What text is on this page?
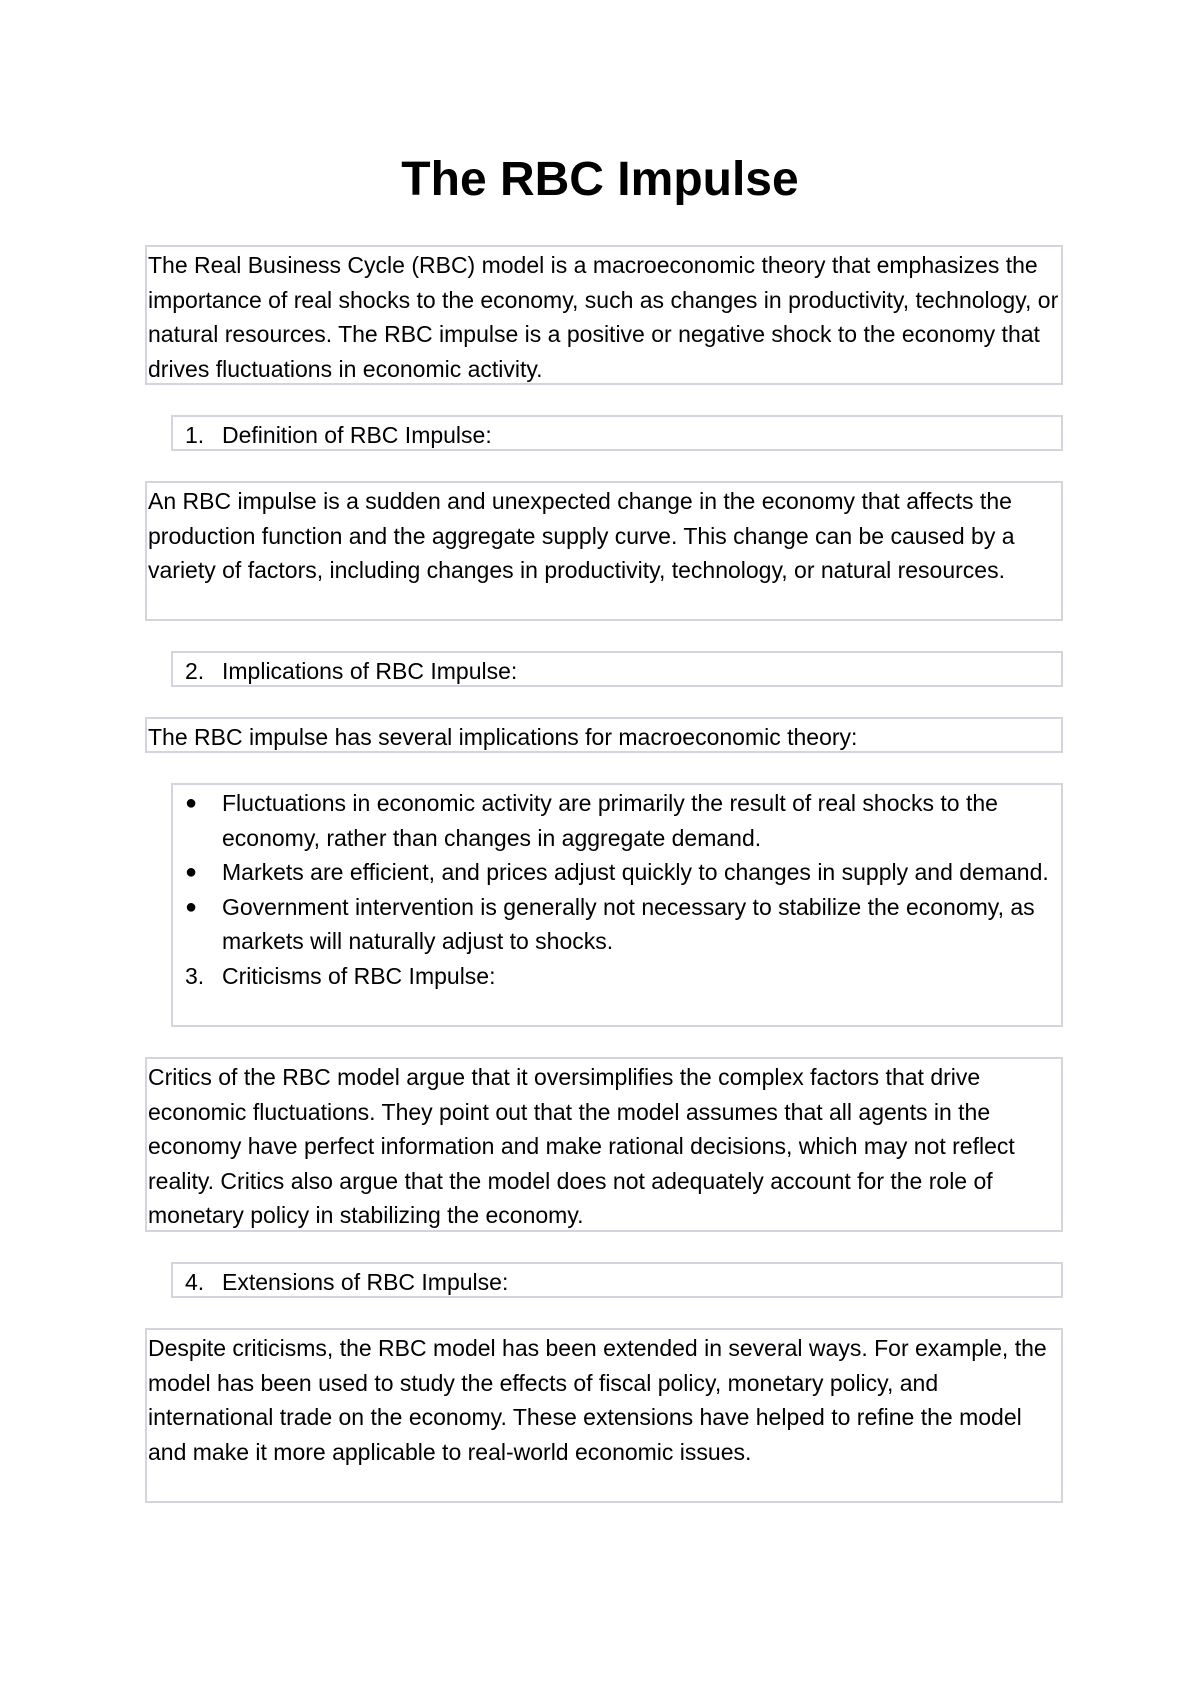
The RBC Impulse
The Real Business Cycle (RBC) model is a macroeconomic theory that emphasizes the importance of real shocks to the economy, such as changes in productivity, technology, or natural resources. The RBC impulse is a positive or negative shock to the economy that drives fluctuations in economic activity.
1. Definition of RBC Impulse:
An RBC impulse is a sudden and unexpected change in the economy that affects the production function and the aggregate supply curve. This change can be caused by a variety of factors, including changes in productivity, technology, or natural resources.
2. Implications of RBC Impulse:
The RBC impulse has several implications for macroeconomic theory:
●	Fluctuations in economic activity are primarily the result of real shocks to the economy, rather than changes in aggregate demand.
●	Markets are efficient, and prices adjust quickly to changes in supply and demand.
●	Government intervention is generally not necessary to stabilize the economy, as markets will naturally adjust to shocks.
3. Criticisms of RBC Impulse:
Critics of the RBC model argue that it oversimplifies the complex factors that drive economic fluctuations. They point out that the model assumes that all agents in the economy have perfect information and make rational decisions, which may not reflect reality. Critics also argue that the model does not adequately account for the role of monetary policy in stabilizing the economy.
4. Extensions of RBC Impulse:
Despite criticisms, the RBC model has been extended in several ways. For example, the model has been used to study the effects of fiscal policy, monetary policy, and international trade on the economy. These extensions have helped to refine the model and make it more applicable to real-world economic issues.
